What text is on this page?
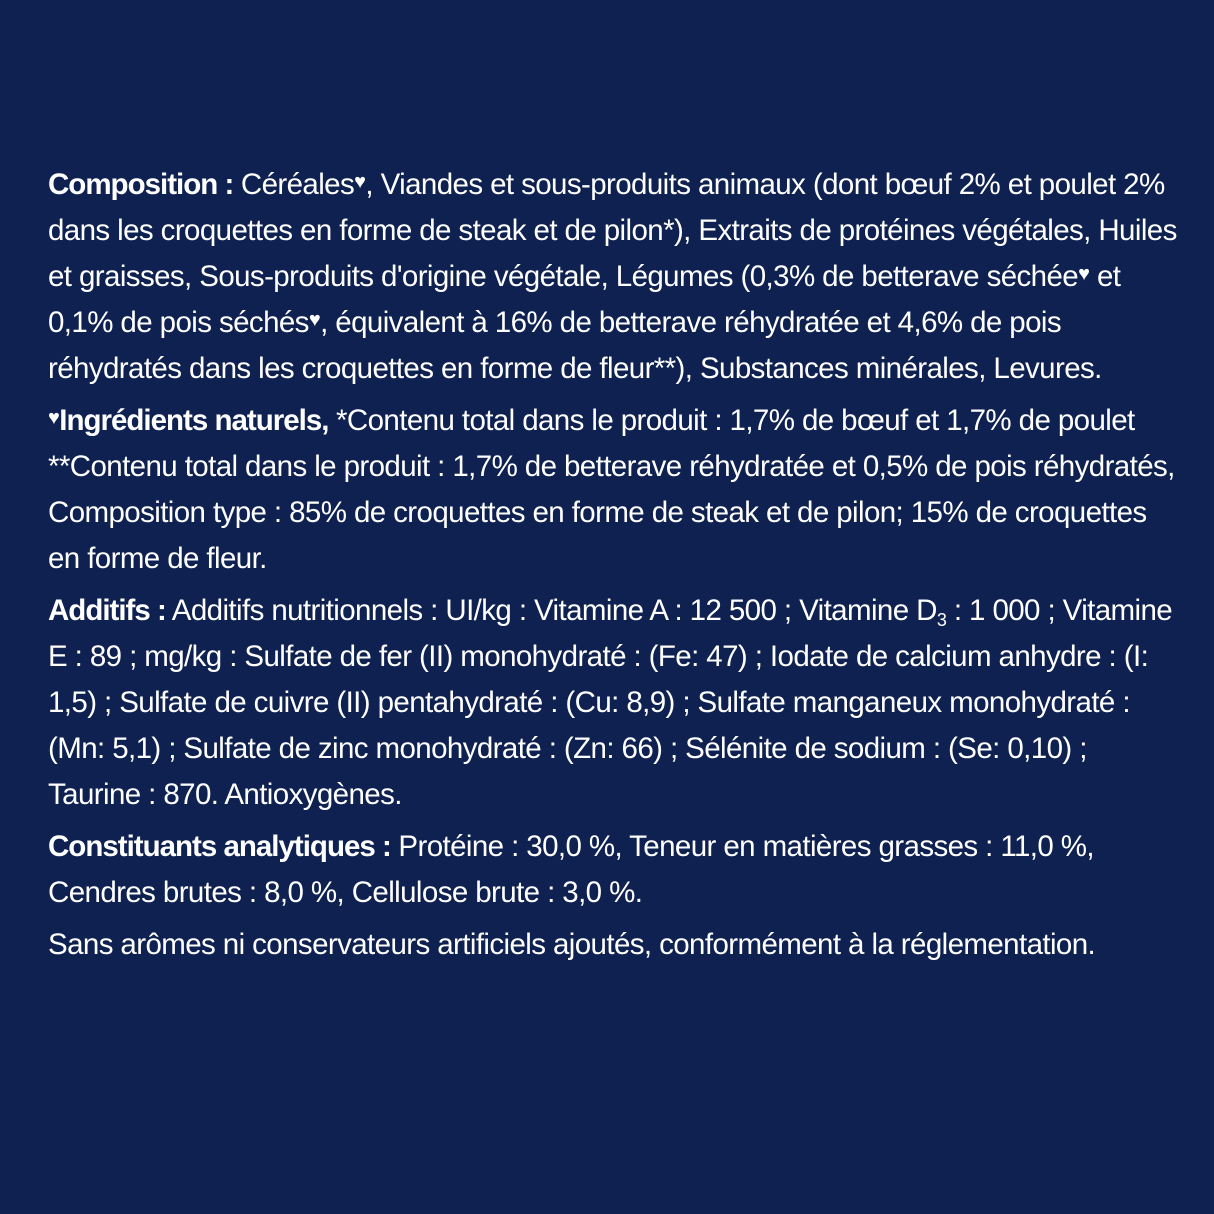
Composition : Céréales♥, Viandes et sous-produits animaux (dont bœuf 2% et poulet 2% dans les croquettes en forme de steak et de pilon*), Extraits de protéines végétales, Huiles et graisses, Sous-produits d'origine végétale, Légumes (0,3% de betterave séchée♥ et 0,1% de pois séchés♥, équivalent à 16% de betterave réhydratée et 4,6% de pois réhydratés dans les croquettes en forme de fleur**), Substances minérales, Levures.

♥Ingrédients naturels, *Contenu total dans le produit : 1,7% de bœuf et 1,7% de poulet **Contenu total dans le produit : 1,7% de betterave réhydratée et 0,5% de pois réhydratés, Composition type : 85% de croquettes en forme de steak et de pilon; 15% de croquettes en forme de fleur.

Additifs : Additifs nutritionnels : UI/kg : Vitamine A : 12 500 ; Vitamine $D_3$ : 1 000 ; Vitamine E : 89 ; mg/kg : Sulfate de fer (II) monohydraté : (Fe: 47) ; Iodate de calcium anhydre : (I: 1,5) ; Sulfate de cuivre (II) pentahydraté : (Cu: 8,9) ; Sulfate manganeux monohydraté : (Mn: 5,1) ; Sulfate de zinc monohydraté : (Zn: 66) ; Sélénite de sodium : (Se: 0,10) ; Taurine : 870. Antioxygènes.

Constituants analytiques : Protéine : 30,0 %, Teneur en matières grasses : 11,0 %, Cendres brutes : 8,0 %, Cellulose brute : 3,0 %.

Sans arômes ni conservateurs artificiels ajoutés, conformément à la réglementation.
